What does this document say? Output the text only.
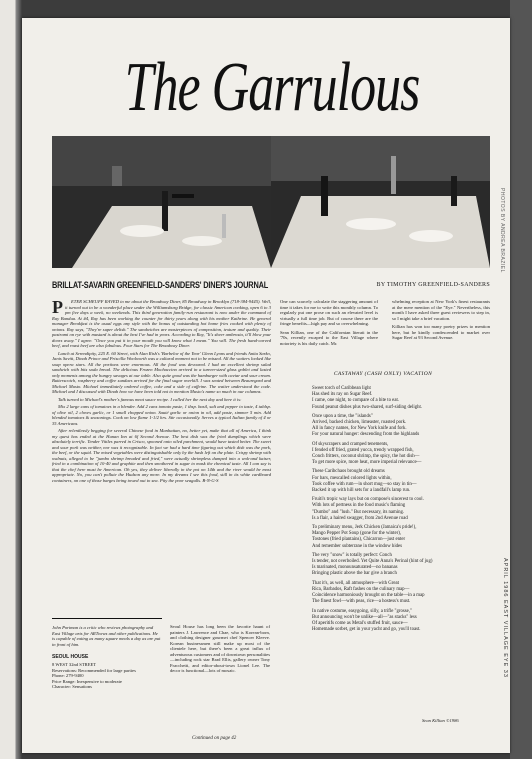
The Garrulous
PHOTOS BY ANDREA BRAZIEL
BRILLAT-SAVARIN GREENFIELD-SANDERS' DINER'S JOURNAL	BY TIMOTHY GREENFIELD-SANDERS

P ETER SCHEUFF RAVED to me about the Broadway Diner, 85 Broadway in Brooklyn (718-384-9445). Well, it turned out to be a wonderful place under the Williamsburg Bridge, for classic American cooking, open 6 to 3 pm five days a week, no weekends. This third generation family-run restaurant is now under the command of Ray Bandua. At #4, Ray has been working the counter for thirty years along with his mother Kathrine. He general manager Breakfast is the usual eggs any style with the bonus of outstanding hot home fries cooked with plenty of onions. Ray says, "They're super delish." The sandwiches are masterpieces of composition, texture and quality. Their pastrami on rye with mustard is about the best I've had in years. According to Ray, "It's sheer ambrosia, it'll blow your doors away." I agree. "Once you put it in your mouth you will know what I mean." You will. The fresh hand-carved beef, and roast beef are also fabulous. Four Stars for The Broadway Diner.

Lunch at Serendipity, 225 E. 60 Street, with Alan Rish's 'Barbeloe of the Year' Glenn Lyons and friends Anita Sarko, Janis Savitt, Dinah Prince and Priscilla Woolworth was a cultural moment not to be missed. All the waiters looked like soap opera stars. All the portions were enormous. All the food was devoured. I had an excellent shrimp salad sandwich with bits soda bread. The delicious Frozen Mochaccino arrived in a tureen-sized glass goblet and lasted only moments among the hungry savages at our table. Also quite good was the hamburger with caviar and sour cream. Butterscotch, raspberry and coffee sundaes arrived for the final sugar overkill. I was seated between Beauregard and Michael Musto. Michael immediately ordered coffee, coke and a side of caffeine. The waiter understood the code. Michael and I discussed with Dinah how we have been told not to mention Musto's name so much in our columns.

Talk turned to Michael's mother's famous meat sauce recipe. I called her the next day and here it is:

Mix 2 large cans of tomatoes in a blender. Add 2 cans tomato paste, 1 tbsp. basil, salt and pepper to taste, 4 tablsp. of olive oil, 2 cloves garlic, or 1 small chopped onion. Sauté garlic or onion in oil, add paste, simmer 5 min. Add blended tomatoes & seasonings. Cook on low flame 1-1/2 hrs. Stir occasionally. Serves a typical Italian family of 4 or 35 Americans.

After relentlessly begging for several Chinese food in Manhattan, no, better yet, make that all of America, I think my quest has ended at the Hunan Inn at 6f Second Avenue. The best dish was the fried dumplings which were absolutely terrific. Tender Vittles parred in Crisco, spooned onto oiled parchment, would have tasted better. The sweet and sour pork was neither, nor was it recognizable. In fact we had a hard time figuring out which dish was the pork, the beef, or the squid. The mixed vegetables were distinguishable only by the hash left on the plate. Crispy shrimp with walnuts, alleged to be "jumbo shrimp breaded and fried," were actually shrimpless dumped into a wok-and kaiser, fried in a combination of 10-40 and graphite and then smothered in sugar to mask the chemical taste. All I can say is that the chef here must be American. Oh yes, they deliver liberally in the pot on 14th and the river would be most appropriate. No, you can't pollute the Hudson any more. In my dreams I see this food, still in its white cardboard containers, on one of those barges being towed out to sea. Pity the poor seagulls. B-N-G-S

One can scarcely calculate the staggering amount of time it takes for me to write this monthly column. To regularly put one prose on such an elevated level is virtually a full time job. But of course there are the fringe benefits—high pay and so overwhelming.
Sean Killian, one of the Californian literati in the '70s, recently escaped to the East Village where notoriety is his daily catch. Mr.
whelming reception at New York's finest restaurants at the mere mention of the "Eye." Nevertheless, this month I have asked three guest reviewers to step in, so I might take a brief vacation.
Killian has won too many poetry prizes to mention here, but he kindly condescended to market over Sugar Reef at 93 Second Avenue.
CASTAWAY (CASH ONLY) VACATION
Sweet torch of Caribbean light
Has shed its ray on Sugar Reef.
I came, one night, to compare of a bite to eat.
Found peanut dishes plus two-shared, surf-siding delight.
Once upon a time, the "islands"
Arrived, backed chicken, limeaster, roasted pork.
All in fancy names, for New York knife and fork.
For your natural hunger: descending from the highlands
Of skyscrapers and cramped tenements,
I fended off fried, grated yucca, trendy wrapped fish,
Conch fritters, coconut shrimp, the spicy, the hot dish—
To get more spice, more heat, more imperial relevance—
These Caribchaos brought old dreams
For bars, mescalled colored lights within,
Took coffee with rum—in short mug—so stay in tin—
Backed it up with hill sets for a landfall's lamp run.
Fruiti's tropic way lays but on compose's sincerest to cool.
With lots of pertness in the food music's flaming
"Dumbo" and "lush." But necessary, its naming.
Is a flair, a haired swagger, from 2nd Avenue road
To preliminary menu, Jerk Chicken (Jamaica's pride!),
Mango Pepper Pot Soup (gone for the winter),
Tostones (fried plantains), Chicarron—just enter
And remember subterrane in the window hides
The very "snow" is totally perfect: Conch
Is tender, not overboiled. Yet Quite Anna's Perinal (hint of jug)
Is marinated, monounsaturated—no bananas
Bringing plastic above the bar give a branch
That it's, as well, all atmosphere—with Great
Rica, Barbados, Raft fashes on the culinary map—
Coincidence harmoniously brought on the table—in a map
The finest fowl—with peas, rice—a hostess's must.
In native costume, easygoing, silly, a trifle "grosse,"
But announcing won't be unlike—all—"as stacks" less
Of aperitifs come as Metal's stuffed fruit, sauce—
Homemade sorbet, get in your yacht and go, you'll toast.
Sean Killian ©1986
John Portman is a critic who reviews photography and East Village arts for ARTnews and other publications. He is capable of eating as many square meals a day as are put in front of him.
SEOUL HOUSE

8 WEST 32nd STREET

Reservations: Recommended for large parties

Phone: 279-9400

Price Range: Inexpensive to moderate

Character: Sensations

Seoul House has long been the favorite haunt of painters J. Lawrence and Chae, who is Korean-born, and clothing designer gourmet chef Spencer Kleeve. Korean businessmen still make up most of the clientele here, but there's been a great influx of adventurous customers and of downtown personalities—including rock star Brad Ellis, gallery owner Tony Fracchetti, and editor-about-town Lionel Lee. The decor is functional—lots of mosaic.
Continued on page 42
APRIL 1986 EAST VILLAGE EYE 33
